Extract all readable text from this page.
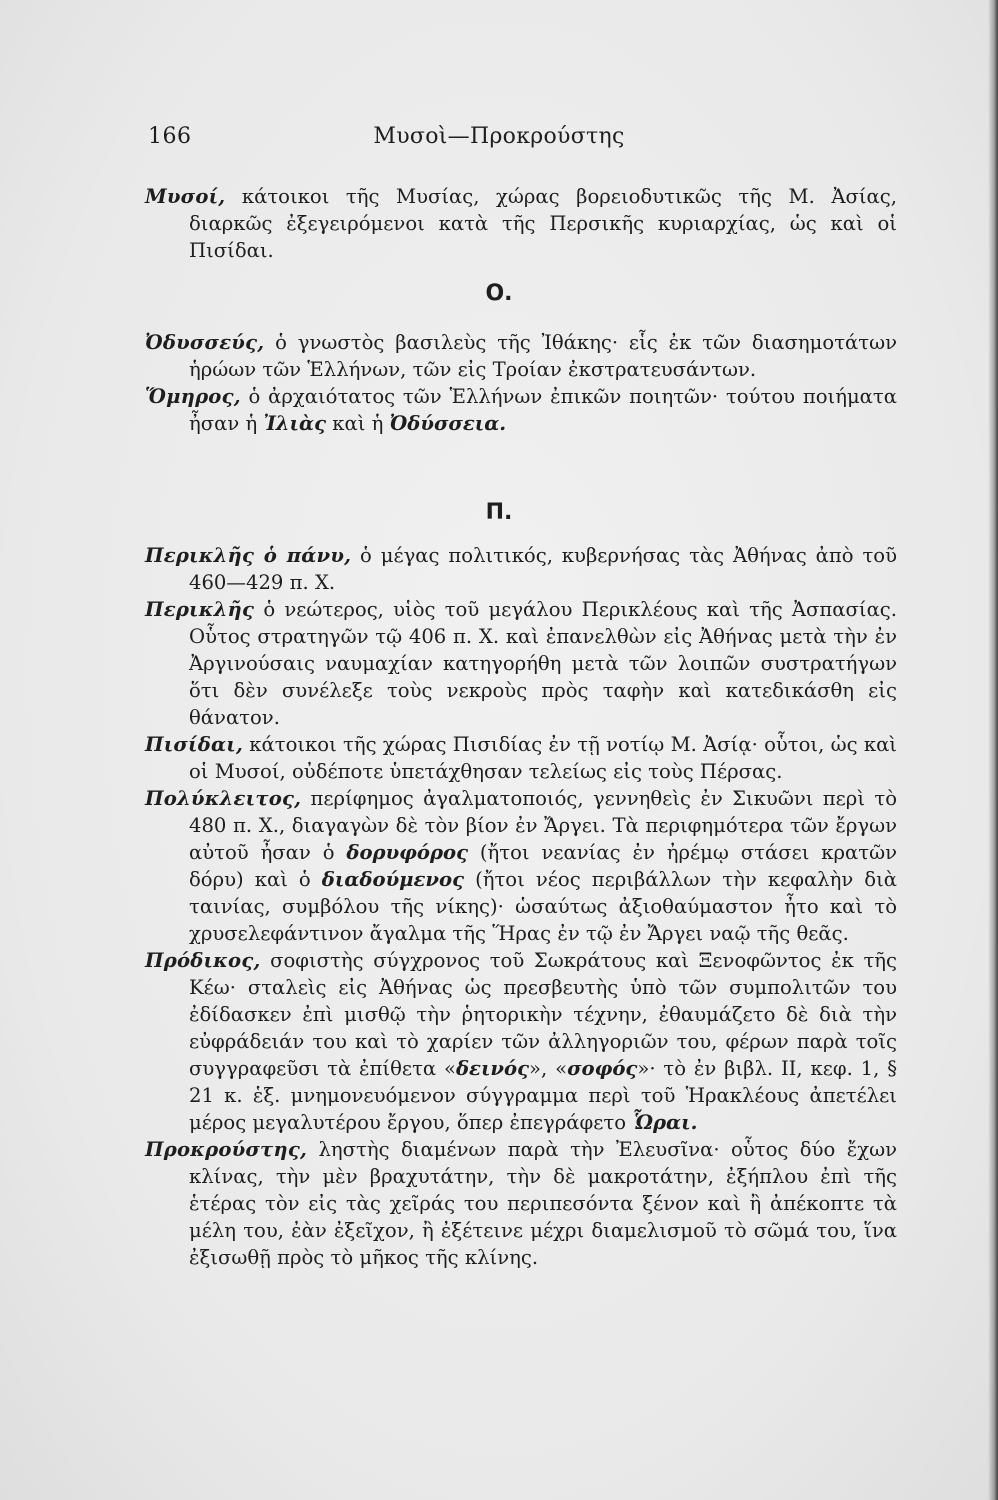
166	Μυσοὶ—Προκρούστης

Μυσοί, κάτοικοι τῆς Μυσίας, χώρας βορειοδυτικῶς τῆς Μ. Ἀσίας, διαρκῶς ἐξεγειρόμενοι κατὰ τῆς Περσικῆς κυριαρχίας, ὡς καὶ οἱ Πισίδαι.

Ο.

Ὀδυσσεύς, ὁ γνωστὸς βασιλεὺς τῆς Ἰθάκης· εἷς ἐκ τῶν διασημοτάτων ἡρώων τῶν Ἑλλήνων, τῶν εἰς Τροίαν ἐκστρατευσάντων.

Ὅμηρος, ὁ ἀρχαιότατος τῶν Ἑλλήνων ἐπικῶν ποιητῶν· τούτου ποιήματα ἦσαν ἡ Ἰλιὰς καὶ ἡ Ὀδύσσεια.

Π.

Περικλῆς ὁ πάνυ, ὁ μέγας πολιτικός, κυβερνήσας τὰς Ἀθήνας ἀπὸ τοῦ 460—429 π. Χ.

Περικλῆς ὁ νεώτερος, υἱὸς τοῦ μεγάλου Περικλέους καὶ τῆς Ἀσπασίας. Οὗτος στρατηγῶν τῷ 406 π. Χ. καὶ ἐπανελθὼν εἰς Ἀθήνας μετὰ τὴν ἐν Ἀργινούσαις ναυμαχίαν κατηγορήθη μετὰ τῶν λοιπῶν συστρατήγων ὅτι δὲν συνέλεξε τοὺς νεκροὺς πρὸς ταφὴν καὶ κατεδικάσθη εἰς θάνατον.

Πισίδαι, κάτοικοι τῆς χώρας Πισιδίας ἐν τῇ νοτίῳ Μ. Ἀσίᾳ· οὗτοι, ὡς καὶ οἱ Μυσοί, οὐδέποτε ὑπετάχθησαν τελείως εἰς τοὺς Πέρσας.

Πολύκλειτος, περίφημος ἀγαλματοποιός, γεννηθεὶς ἐν Σικυῶνι περὶ τὸ 480 π. Χ., διαγαγὼν δὲ τὸν βίον ἐν Ἄργει. Τὰ περιφημότερα τῶν ἔργων αὐτοῦ ἦσαν ὁ δορυφόρος (ἤτοι νεανίας ἐν ἠρέμῳ στάσει κρατῶν δόρυ) καὶ ὁ διαδούμενος (ἤτοι νέος περιβάλλων τὴν κεφαλὴν διὰ ταινίας, συμβόλου τῆς νίκης)· ὡσαύτως ἀξιοθαύμαστον ἦτο καὶ τὸ χρυσελεφάντινον ἄγαλμα τῆς Ἥρας ἐν τῷ ἐν Ἄργει ναῷ τῆς θεᾶς.

Πρόδικος, σοφιστὴς σύγχρονος τοῦ Σωκράτους καὶ Ξενοφῶντος ἐκ τῆς Κέω· σταλεὶς εἰς Ἀθήνας ὡς πρεσβευτὴς ὑπὸ τῶν συμπολιτῶν του ἐδίδασκεν ἐπὶ μισθῷ τὴν ῥητορικὴν τέχνην, ἐθαυμάζετο δὲ διὰ τὴν εὐφράδειάν του καὶ τὸ χαρίεν τῶν ἀλληγοριῶν του, φέρων παρὰ τοῖς συγγραφεῦσι τὰ ἐπίθετα «δεινός», «σοφός»· τὸ ἐν βιβλ. II, κεφ. 1, § 21 κ. ἑξ. μνημονευόμενον σύγγραμμα περὶ τοῦ Ἡρακλέους ἀπετέλει μέρος μεγαλυτέρου ἔργου, ὅπερ ἐπεγράφετο Ὧραι.

Προκρούστης, ληστὴς διαμένων παρὰ τὴν Ἐλευσῖνα· οὗτος δύο ἔχων κλίνας, τὴν μὲν βραχυτάτην, τὴν δὲ μακροτάτην, ἐξήπλου ἐπὶ τῆς ἑτέρας τὸν εἰς τὰς χεῖράς του περιπεσόντα ξένον καὶ ἢ ἀπέκοπτε τὰ μέλη του, ἐὰν ἐξεῖχον, ἢ ἐξέτεινε μέχρι διαμελισμοῦ τὸ σῶμά του, ἵνα ἐξισωθῇ πρὸς τὸ μῆκος τῆς κλίνης.
